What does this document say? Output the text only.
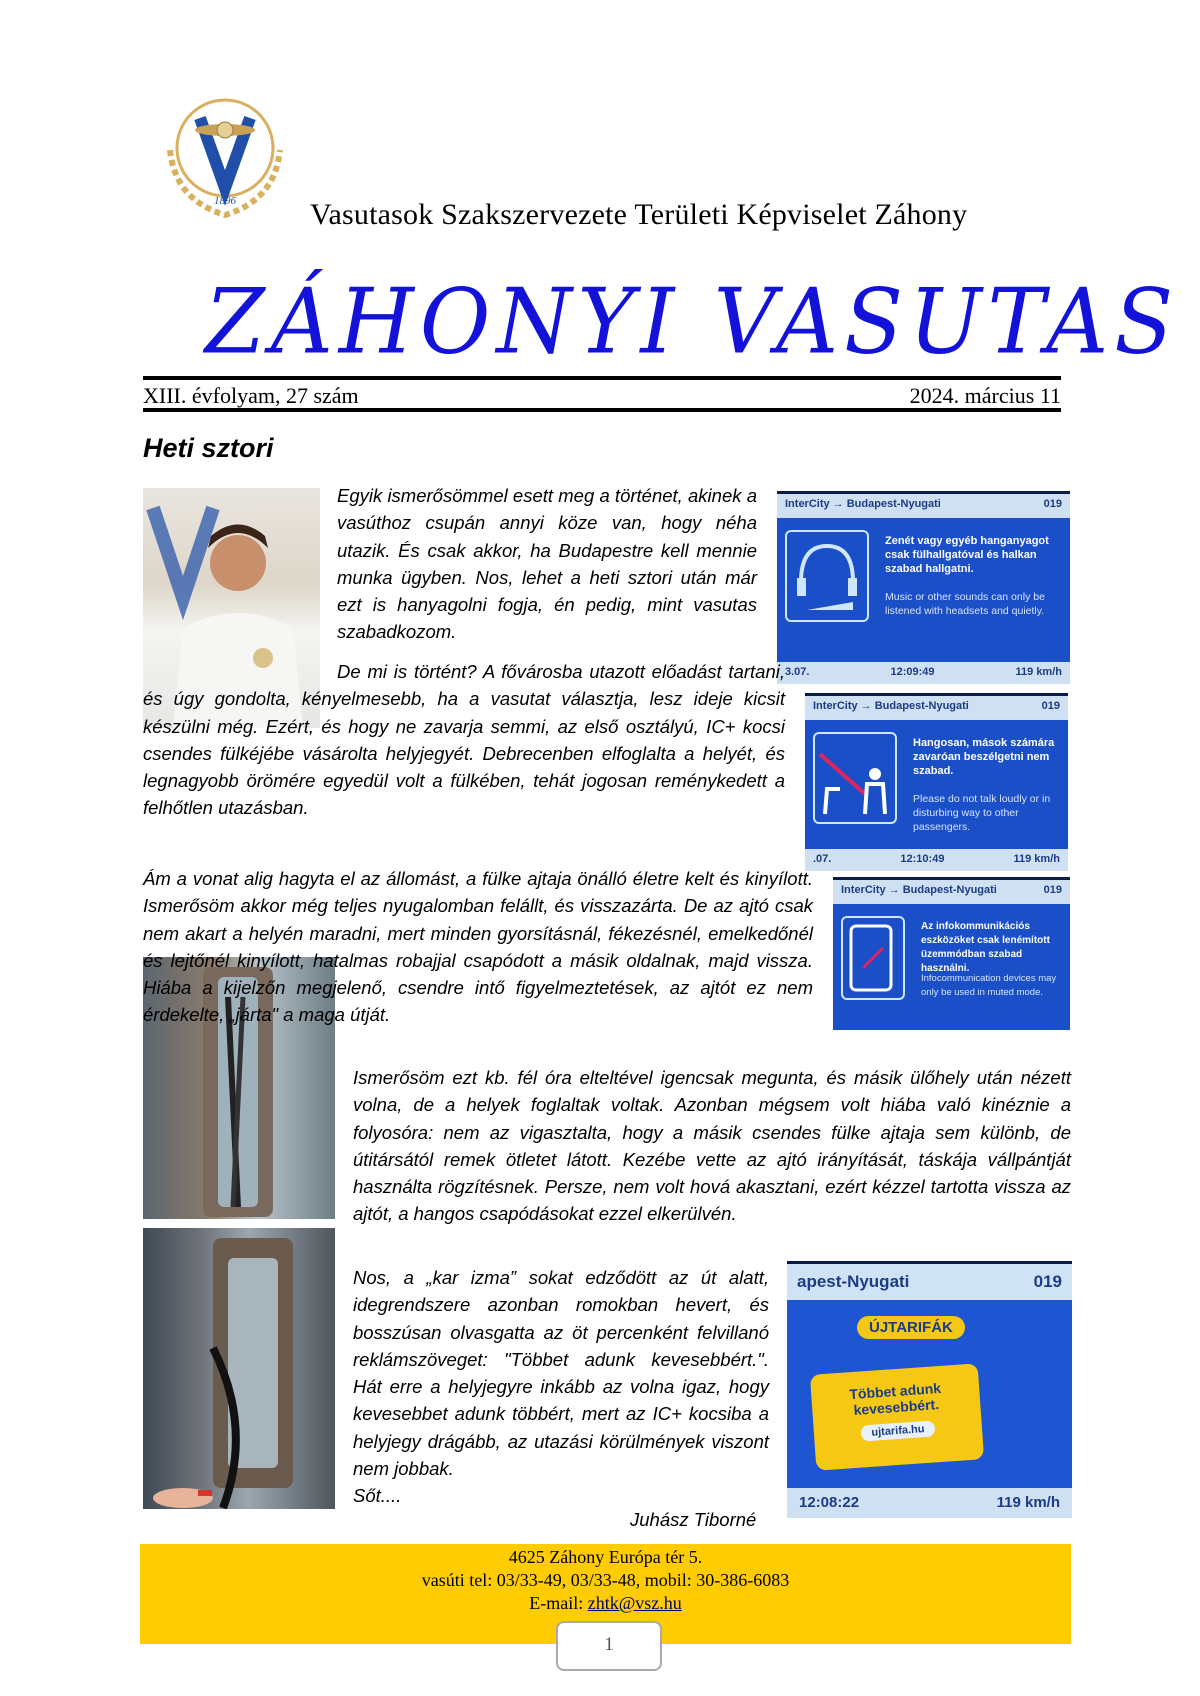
1896 Vasutasok Szakszervezete Területi Képviselet Záhony
ZÁHONYI VASUTAS
XIII. évfolyam, 27 szám	2024. március 11
Heti sztori
InterCity → Budapest-Nyugati	019
Zenét vagy egyéb hanganyagot csak fülhallgatóval és halkan szabad hallgatni.
Music or other sounds can only be listened with headsets and quietly.
3.07.	12:09:49	119 km/h
InterCity → Budapest-Nyugati	019
Hangosan, mások számára zavaróan beszélgetni nem szabad.
Please do not talk loudly or in disturbing way to other passengers.
.07.	12:10:49	119 km/h
InterCity → Budapest-Nyugati	019
Az infokommunikációs eszközöket csak lenémított üzemmódban szabad használni.
Infocommunication devices may only be used in muted mode.
apest-Nyugati	019
ÚJTARIFÁK
Többet adunk kevesebbért.
ujtarifa.hu
12:08:22	119 km/h

Egyik ismerősömmel esett meg a történet, akinek a vasúthoz csupán annyi köze van, hogy néha utazik. És csak akkor, ha Budapestre kell mennie munka ügyben. Nos, lehet a heti sztori után már ezt is hanyagolni fogja, én pedig, mint vasutas szabadkozom.

De mi is történt? A fővárosba utazott előadást tartani, és úgy gondolta, kényelmesebb, ha a vasutat választja, lesz ideje kicsit készülni még. Ezért, és hogy ne zavarja semmi, az első osztályú, IC+ kocsi csendes fülkéjébe vásárolta helyjegyét. Debrecenben elfoglalta a helyét, és legnagyobb örömére egyedül volt a fülkében, tehát jogosan reménykedett a felhőtlen utazásban.

Ám a vonat alig hagyta el az állomást, a fülke ajtaja önálló életre kelt és kinyílott. Ismerősöm akkor még teljes nyugalomban felállt, és visszazárta. De az ajtó csak nem akart a helyén maradni, mert minden gyorsításnál, fékezésnél, emelkedőnél és lejtőnél kinyílott, hatalmas robajjal csapódott a másik oldalnak, majd vissza. Hiába a kijelzőn megjelenő, csendre intő figyelmeztetések, az ajtót ez nem érdekelte, „járta" a maga útját.

Ismerősöm ezt kb. fél óra elteltével igencsak megunta, és másik ülőhely után nézett volna, de a helyek foglaltak voltak. Azonban mégsem volt hiába való kinéznie a folyosóra: nem az vigasztalta, hogy a másik csendes fülke ajtaja sem különb, de útitársától remek ötletet látott. Kezébe vette az ajtó irányítását, táskája vállpántját használta rögzítésnek. Persze, nem volt hová akasztani, ezért kézzel tartotta vissza az ajtót, a hangos csapódásokat ezzel elkerülvén.

Nos, a „kar izma” sokat edződött az út alatt, idegrendszere azonban romokban hevert, és bosszúsan olvasgatta az öt percenként felvillanó reklámszöveget: "Többet adunk kevesebbért.". Hát erre a helyjegyre inkább az volna igaz, hogy kevesebbet adunk többért, mert az IC+ kocsiba a helyjegy drágább, az utazási körülmények viszont nem jobbak.

Sőt....

Juhász Tiborné
4625 Záhony Európa tér 5.
vasúti tel: 03/33-49, 03/33-48, mobil: 30-386-6083
E-mail: zhtk@vsz.hu
1
